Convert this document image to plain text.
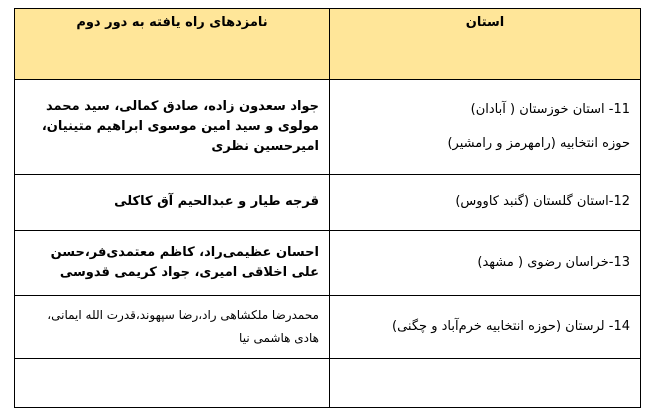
استان	نامزدهای راه یافته به دور دوم

11- استان خوزستان ( آبادان)
حوزه انتخابیه (رامهرمز و رامشیر)	جواد سعدون زاده، صادق کمالی، سید محمد مولوی و سید امین موسوی ابراهیم متینیان، امیرحسین نظری

12-استان گلستان (گنبد کاووس)	قرجه طیار و عبدالحیم آق کاکلی

13-خراسان رضوی ( مشهد)	احسان عظیمی‌راد، کاظم معتمدی‌فر،حسن علی اخلاقی امیری، جواد کریمی قدوسی

14- لرستان (حوزه انتخابیه خرم‌آباد و چگنی)	محمدرضا ملکشاهی راد،رضا سپهوند،قدرت الله ایمانی، هادی هاشمی نیا
